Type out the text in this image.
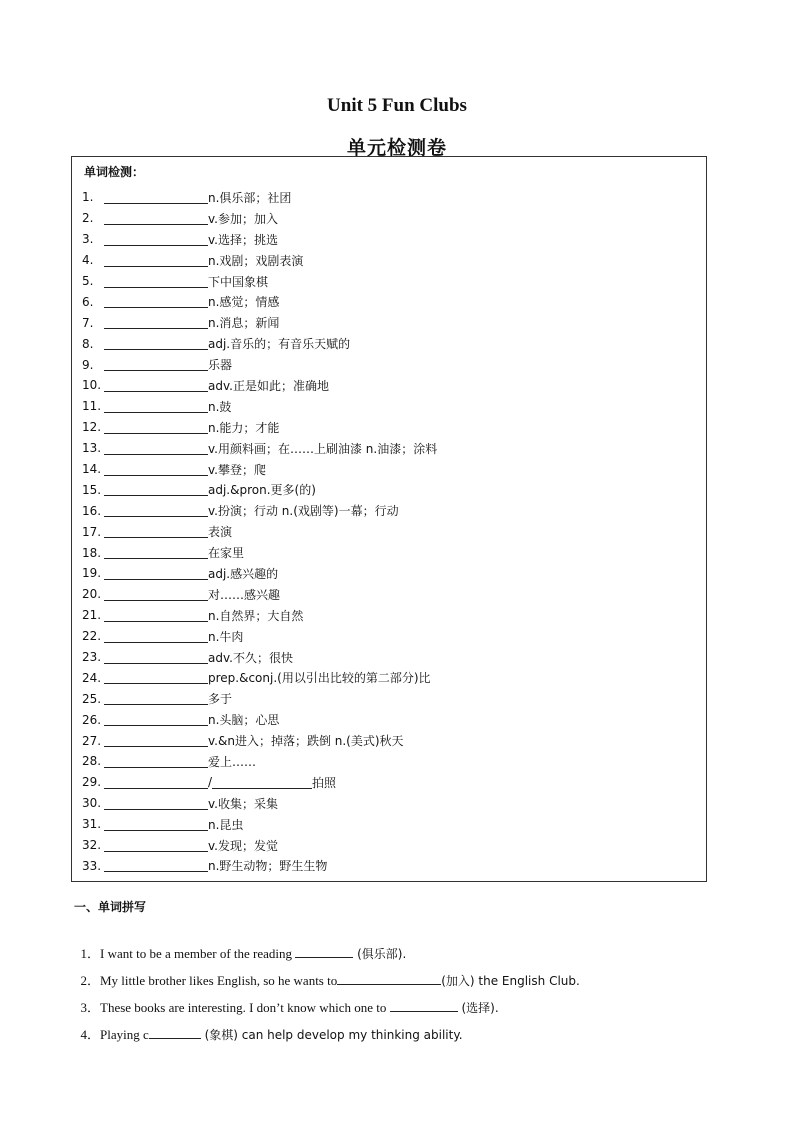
Unit 5 Fun Clubs
单元检测卷
单词检测：
1.	n.俱乐部；社团
2.	v.参加；加入
3.	v.选择；挑选
4.	n.戏剧；戏剧表演
5.	下中国象棋
6.	n.感觉；情感
7.	n.消息；新闻
8.	adj.音乐的；有音乐天赋的
9.	乐器
10.	adv.正是如此；准确地
11.	n.鼓
12.	n.能力；才能
13.	v.用颜料画；在……上刷油漆 n.油漆；涂料
14.	v.攀登；爬
15.	adj.&pron.更多(的)
16.	v.扮演；行动 n.(戏剧等)一幕；行动
17.	表演
18.	在家里
19.	adj.感兴趣的
20.	对……感兴趣
21.	n.自然界；大自然
22.	n.牛肉
23.	adv.不久；很快
24.	prep.&conj.(用以引出比较的第二部分)比
25.	多于
26.	n.头脑；心思
27.	v.&n进入；掉落；跌倒 n.(美式)秋天
28.	爱上……
29.	/	拍照
30.	v.收集；采集
31.	n.昆虫
32.	v.发现；发觉
33.	n.野生动物；野生生物
一、单词拼写

1．I want to be a member of the reading	(俱乐部).

2．My little brother likes English, so he wants to	(加入) the English Club.

3．These books are interesting. I don’t know which one to	(选择).

4．Playing c	(象棋) can help develop my thinking ability.
